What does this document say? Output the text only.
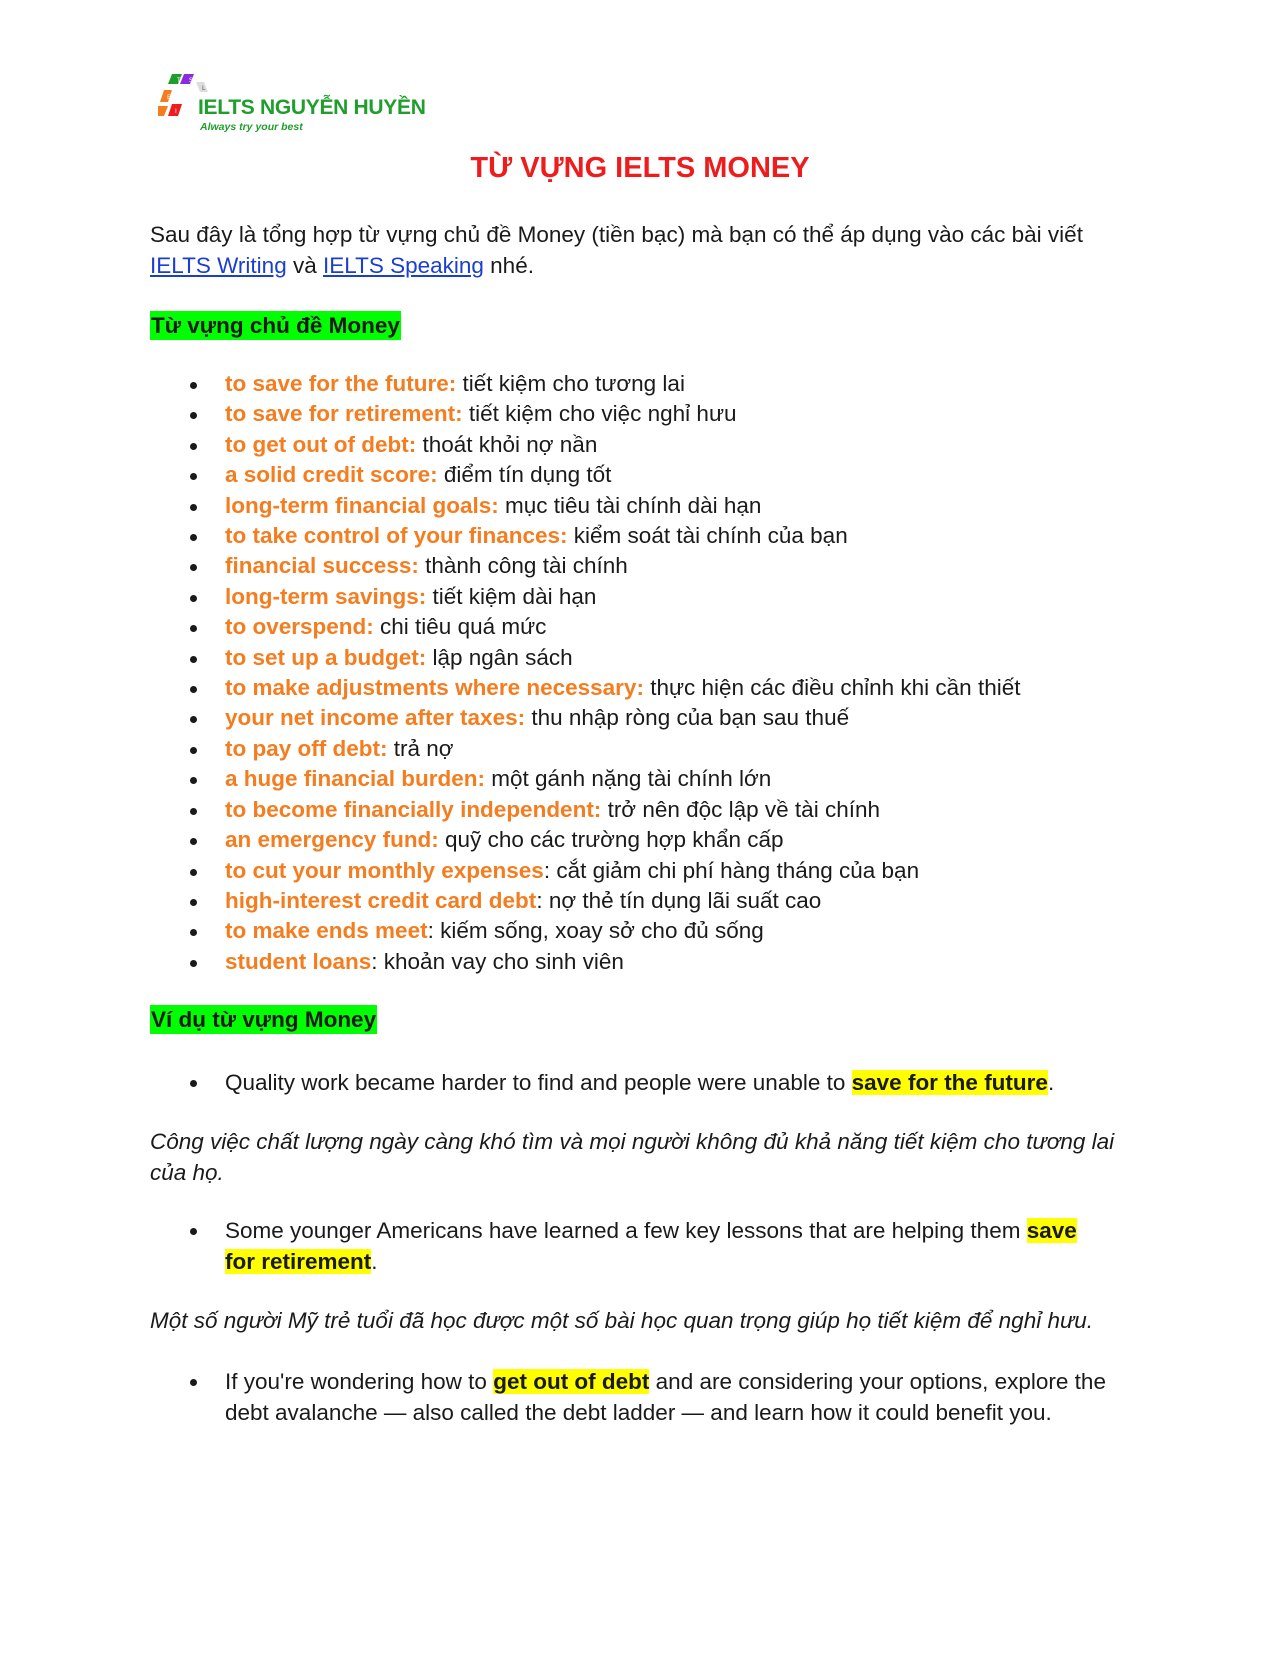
T S
E
I
L
IELTS NGUYỄN HUYỀN
Always try your best
TỪ VỰNG IELTS MONEY

Sau đây là tổng hợp từ vựng chủ đề Money (tiền bạc) mà bạn có thể áp dụng vào các bài viết IELTS Writing và IELTS Speaking nhé.

Từ vựng chủ đề Money
to save for the future: tiết kiệm cho tương lai
to save for retirement: tiết kiệm cho việc nghỉ hưu
to get out of debt: thoát khỏi nợ nần
a solid credit score: điểm tín dụng tốt
long-term financial goals: mục tiêu tài chính dài hạn
to take control of your finances: kiểm soát tài chính của bạn
financial success: thành công tài chính
long-term savings: tiết kiệm dài hạn
to overspend: chi tiêu quá mức
to set up a budget: lập ngân sách
to make adjustments where necessary: thực hiện các điều chỉnh khi cần thiết
your net income after taxes: thu nhập ròng của bạn sau thuế
to pay off debt: trả nợ
a huge financial burden: một gánh nặng tài chính lớn
to become financially independent: trở nên độc lập về tài chính
an emergency fund: quỹ cho các trường hợp khẩn cấp
to cut your monthly expenses: cắt giảm chi phí hàng tháng của bạn
high-interest credit card debt: nợ thẻ tín dụng lãi suất cao
to make ends meet: kiếm sống, xoay sở cho đủ sống
student loans: khoản vay cho sinh viên
Ví dụ từ vựng Money
Quality work became harder to find and people were unable to save for the future.

Công việc chất lượng ngày càng khó tìm và mọi người không đủ khả năng tiết kiệm cho tương lai của họ.

Some younger Americans have learned a few key lessons that are helping them save for retirement.

Một số người Mỹ trẻ tuổi đã học được một số bài học quan trọng giúp họ tiết kiệm để nghỉ hưu.

If you're wondering how to get out of debt and are considering your options, explore the debt avalanche — also called the debt ladder — and learn how it could benefit you.
